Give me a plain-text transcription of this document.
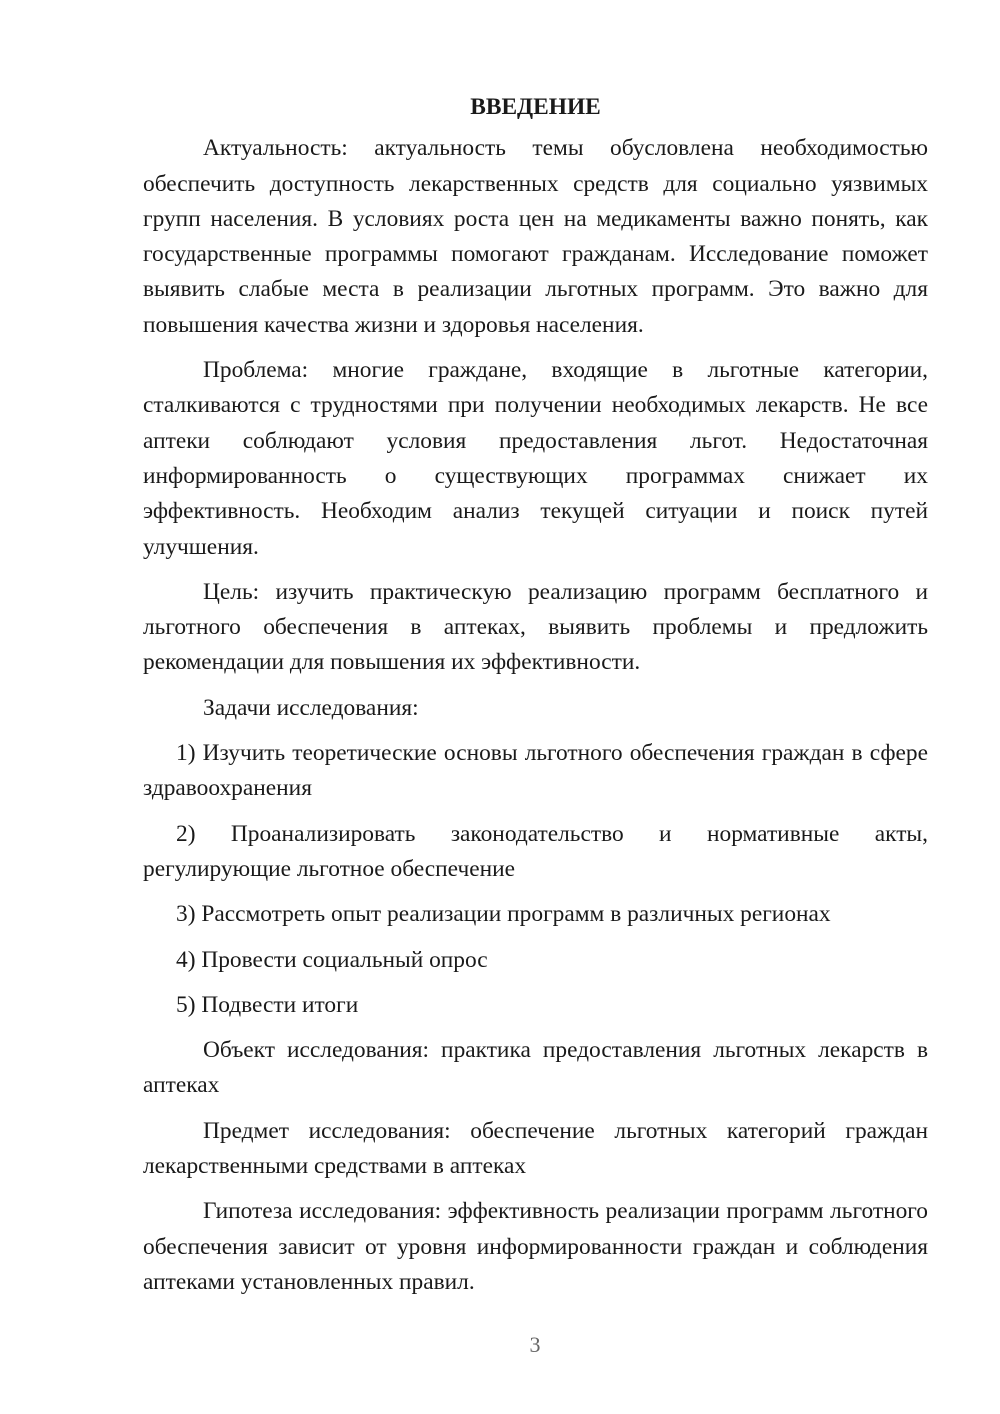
ВВЕДЕНИЕ

Актуальность: актуальность темы обусловлена необходимостью обеспечить доступность лекарственных средств для социально уязвимых групп населения. В условиях роста цен на медикаменты важно понять, как государственные программы помогают гражданам. Исследование поможет выявить слабые места в реализации льготных программ. Это важно для повышения качества жизни и здоровья населения.

Проблема: многие граждане, входящие в льготные категории, сталкиваются с трудностями при получении необходимых лекарств. Не все аптеки соблюдают условия предоставления льгот. Недостаточная информированность о существующих программах снижает их эффективность. Необходим анализ текущей ситуации и поиск путей улучшения.

Цель: изучить практическую реализацию программ бесплатного и льготного обеспечения в аптеках, выявить проблемы и предложить рекомендации для повышения их эффективности.

Задачи исследования:

1) Изучить теоретические основы льготного обеспечения граждан в сфере здравоохранения

2) Проанализировать законодательство и нормативные акты, регулирующие льготное обеспечение

3) Рассмотреть опыт реализации программ в различных регионах

4) Провести социальный опрос

5) Подвести итоги

Объект исследования: практика предоставления льготных лекарств в аптеках

Предмет исследования: обеспечение льготных категорий граждан лекарственными средствами в аптеках

Гипотеза исследования: эффективность реализации программ льготного обеспечения зависит от уровня информированности граждан и соблюдения аптеками установленных правил.

3
